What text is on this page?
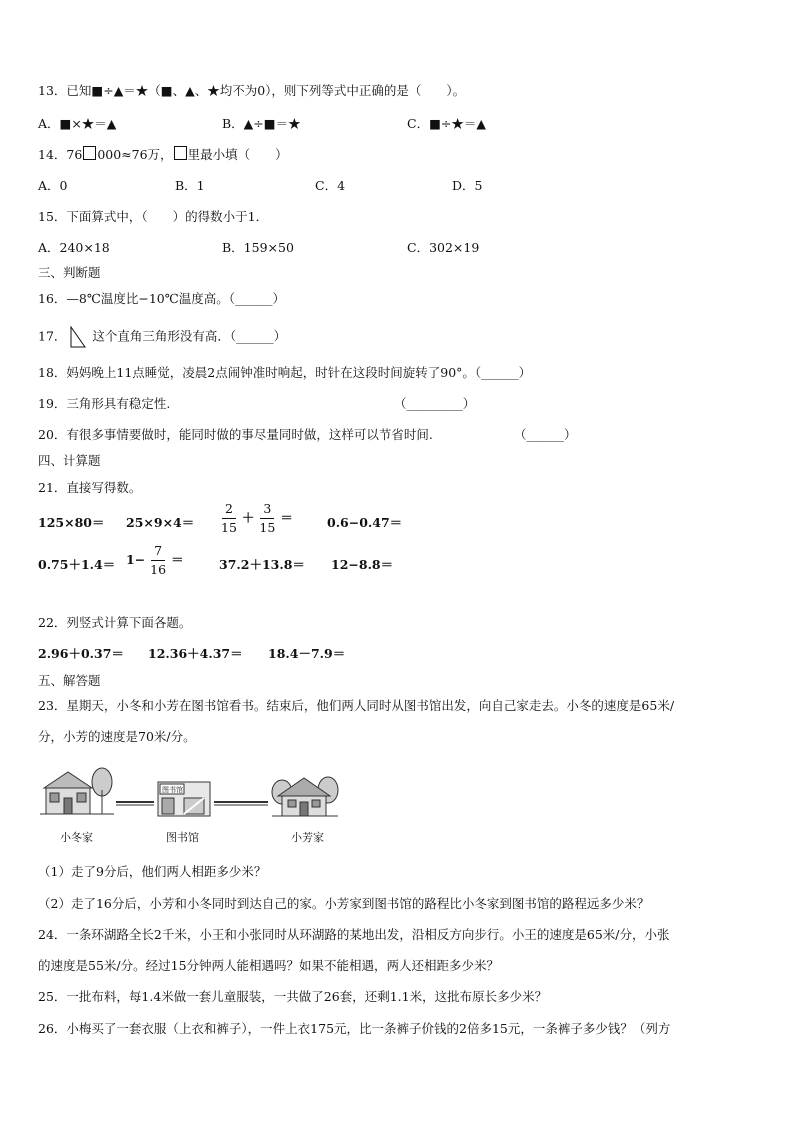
13．已知■÷▲＝★（■、▲、★均不为0），则下列等式中正确的是（　　）。
A．■×★＝▲	B．▲÷■＝★	C．■÷★＝▲
14．76 000≈76万， 里最小填（　　）
A．0	B．1	C．4	D．5
15．下面算式中，（　　）的得数小于1．
A．240×18	B．159×50	C．302×19
三、判断题
16．—8℃温度比−10℃温度高。（______）
17． 这个直角三角形没有高．（______）
18．妈妈晚上11点睡觉，凌晨2点闹钟准时响起，时针在这段时间旋转了90°。（______）
19．三角形具有稳定性.	（_________）
20．有很多事情要做时，能同时做的事尽量同时做，这样可以节省时间.	（______）
四、计算题
21．直接写得数。
$125\times 80= 25\times 9\times 4= \frac{2}{15} + \frac{3}{15}$ ＝	0.6−0.47＝
$0.75+1.4= 1- \frac{7}{16}$ ＝	37.2＋13.8＝ 12−8.8＝
22．列竖式计算下面各题。
2.96＋0.37＝ 12.36＋4.37＝ 18.4－7.9＝
五、解答题
23．星期天，小冬和小芳在图书馆看书。结束后，他们两人同时从图书馆出发，向自己家走去。小冬的速度是65米/
分，小芳的速度是70米/分。
图书馆
小冬家	图书馆	小芳家
（1）走了9分后，他们两人相距多少米？
（2）走了16分后，小芳和小冬同时到达自己的家。小芳家到图书馆的路程比小冬家到图书馆的路程远多少米？
24．一条环湖路全长2千米，小王和小张同时从环湖路的某地出发，沿相反方向步行。小王的速度是65米/分，小张
的速度是55米/分。经过15分钟两人能相遇吗？如果不能相遇，两人还相距多少米？
25．一批布料，每1.4米做一套儿童服装，一共做了26套，还剩1.1米，这批布原长多少米？
26．小梅买了一套衣服（上衣和裤子），一件上衣175元，比一条裤子价钱的2倍多15元，一条裤子多少钱？（列方
